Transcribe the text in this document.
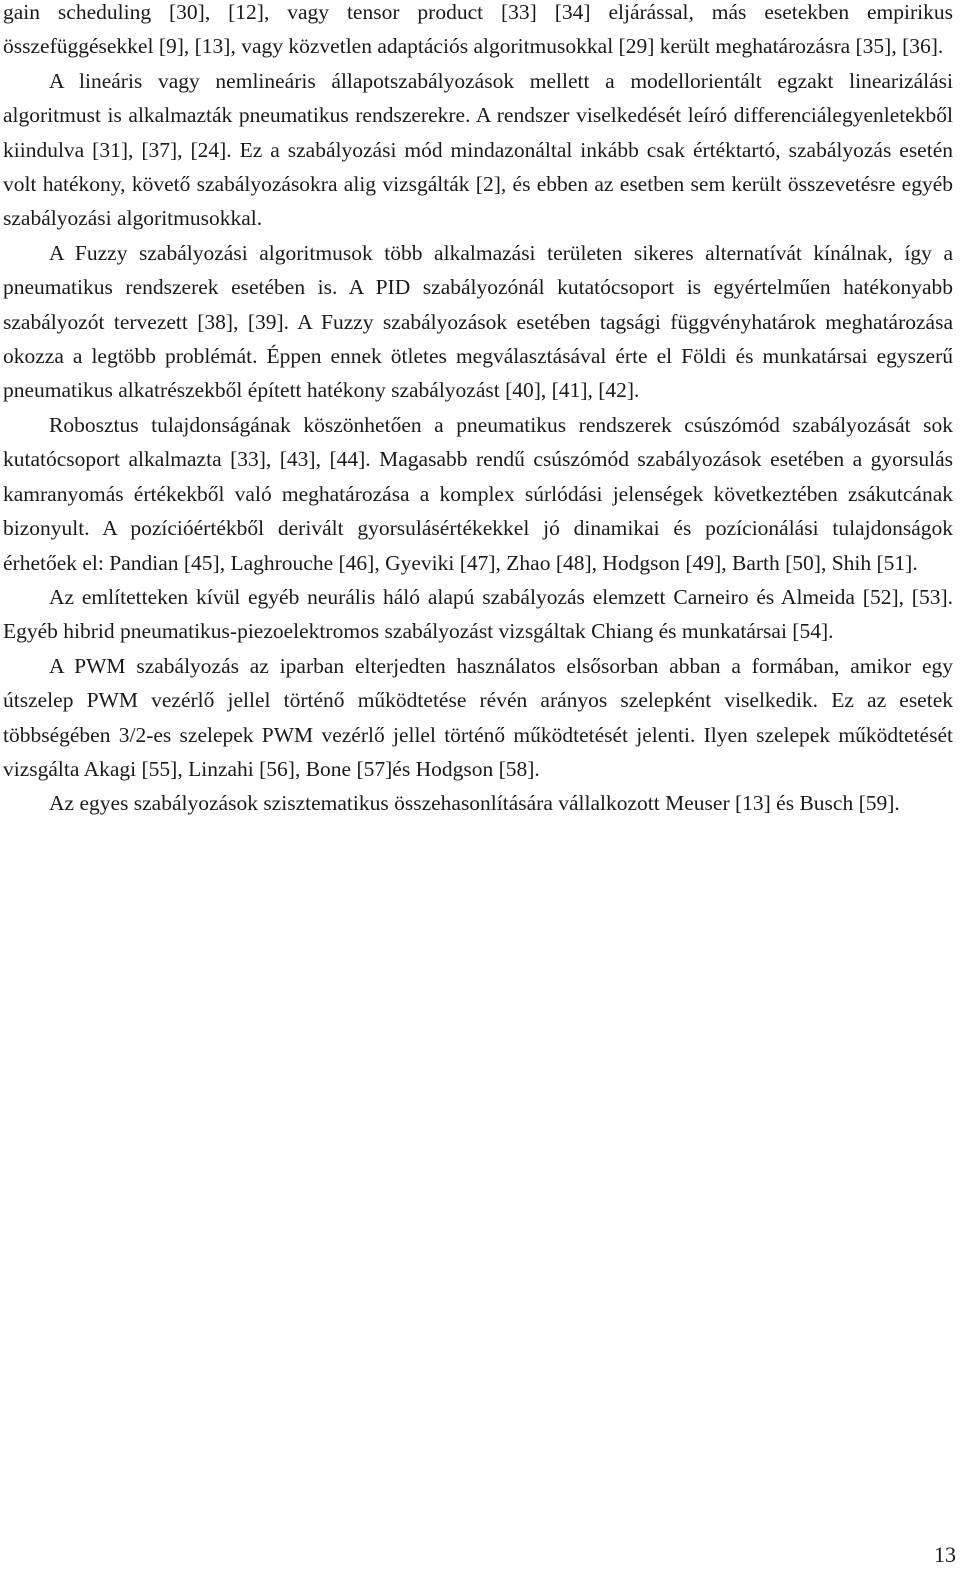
gain scheduling [30], [12], vagy tensor product [33] [34] eljárással, más esetekben empirikus összefüggésekkel [9], [13], vagy közvetlen adaptációs algoritmusokkal [29] került meghatározásra [35], [36].

A lineáris vagy nemlineáris állapotszabályozások mellett a modellorientált egzakt linearizálási algoritmust is alkalmazták pneumatikus rendszerekre. A rendszer viselkedését leíró differenciálegyenletekből kiindulva [31], [37], [24]. Ez a szabályozási mód mindazonáltal inkább csak értéktartó, szabályozás esetén volt hatékony, követő szabályozásokra alig vizsgálták [2], és ebben az esetben sem került összevetésre egyéb szabályozási algoritmusokkal.

A Fuzzy szabályozási algoritmusok több alkalmazási területen sikeres alternatívát kínálnak, így a pneumatikus rendszerek esetében is. A PID szabályozónál kutatócsoport is egyértelműen hatékonyabb szabályozót tervezett [38], [39]. A Fuzzy szabályozások esetében tagsági függvényhatárok meghatározása okozza a legtöbb problémát. Éppen ennek ötletes megválasztásával érte el Földi és munkatársai egyszerű pneumatikus alkatrészekből épített hatékony szabályozást [40], [41], [42].

Robosztus tulajdonságának köszönhetően a pneumatikus rendszerek csúszómód szabályozását sok kutatócsoport alkalmazta [33], [43], [44]. Magasabb rendű csúszómód szabályozások esetében a gyorsulás kamranyomás értékekből való meghatározása a komplex súrlódási jelenségek következtében zsákutcának bizonyult. A pozícióértékből derivált gyorsulásértékekkel jó dinamikai és pozícionálási tulajdonságok érhetőek el: Pandian [45], Laghrouche [46], Gyeviki [47], Zhao [48], Hodgson [49], Barth [50], Shih [51].

Az említetteken kívül egyéb neurális háló alapú szabályozás elemzett Carneiro és Almeida [52], [53]. Egyéb hibrid pneumatikus-piezoelektromos szabályozást vizsgáltak Chiang és munkatársai [54].

A PWM szabályozás az iparban elterjedten használatos elsősorban abban a formában, amikor egy útszelep PWM vezérlő jellel történő működtetése révén arányos szelepként viselkedik. Ez az esetek többségében 3/2-es szelepek PWM vezérlő jellel történő működtetését jelenti. Ilyen szelepek működtetését vizsgálta Akagi [55], Linzahi [56], Bone [57]és Hodgson [58].

Az egyes szabályozások szisztematikus összehasonlítására vállalkozott Meuser [13] és Busch [59].

13
